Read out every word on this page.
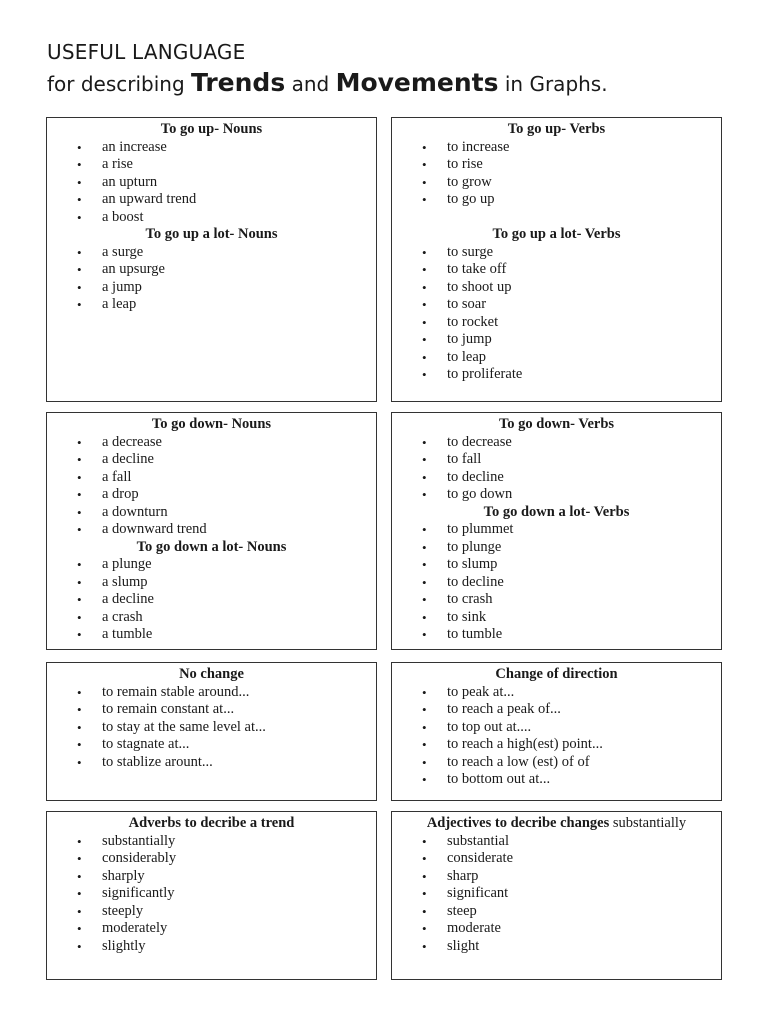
USEFUL LANGUAGE
for describing Trends and Movements in Graphs.
To go up- Nouns
• an increase
• a rise
• an upturn
• an upward trend
• a boost
To go up a lot- Nouns
• a surge
• an upsurge
• a jump
• a leap
To go up- Verbs
• to increase
• to rise
• to grow
• to go up
To go up a lot- Verbs
• to surge
• to take off
• to shoot up
• to soar
• to rocket
• to jump
• to leap
• to proliferate
To go down- Nouns
• a decrease
• a decline
• a fall
• a drop
• a downturn
• a downward trend
To go down a lot- Nouns
• a plunge
• a slump
• a decline
• a crash
• a tumble
To go down- Verbs
• to decrease
• to fall
• to decline
• to go down
To go down a lot- Verbs
• to plummet
• to plunge
• to slump
• to decline
• to crash
• to sink
• to tumble
No change
• to remain stable around...
• to remain constant at...
• to stay at the same level at...
• to stagnate at...
• to stablize arount...
Change of direction
• to peak at...
• to reach a peak of...
• to top out at....
• to reach a high(est) point...
• to reach a low (est) of of
• to bottom out at...
Adverbs to decribe a trend
• substantially
• considerably
• sharply
• significantly
• steeply
• moderately
• slightly
Adjectives to decribe changes substantially
• substantial
• considerate
• sharp
• significant
• steep
• moderate
• slight
